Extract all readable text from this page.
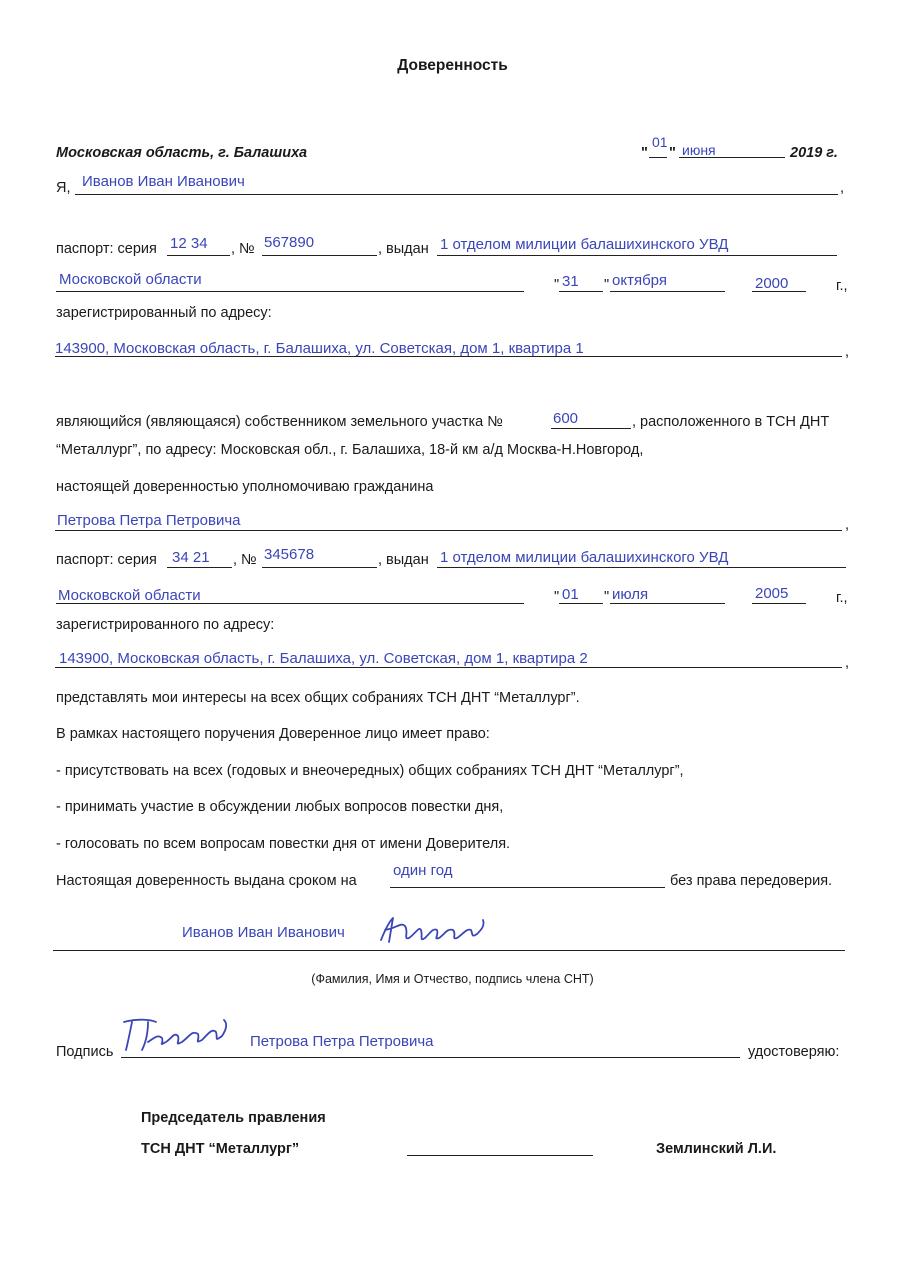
Доверенность
Московская область, г. Балашиха	"
01
" июня	2019 г.
Я, Иванов Иван Иванович	,
паспорт: серия 12 34 , № 567890	, выдан 1 отделом милиции балашихинского УВД
Московской области	" 31 " октября	2000	г.,
зарегистрированный по адресу:
143900, Московская область, г. Балашиха, ул. Советская, дом 1, квартира 1	,
являющийся (являющаяся) собственником земельного участка №	600	, расположенного в ТСН ДНТ
“Металлург”, по адресу: Московская обл., г. Балашиха, 18-й км а/д Москва-Н.Новгород,
настоящей доверенностью уполномочиваю гражданина
Петрова Петра Петровича	,
паспорт: серия 34 21 , № 345678	, выдан 1 отделом милиции балашихинского УВД
Московской области	" 01 " июля	2005	г.,
зарегистрированного по адресу:
143900, Московская область, г. Балашиха, ул. Советская, дом 1, квартира 2	,
представлять мои интересы на всех общих собраниях ТСН ДНТ “Металлург”.
В рамках настоящего поручения Доверенное лицо имеет право:
- присутствовать на всех (годовых и внеочередных) общих собраниях ТСН ДНТ “Металлург”,
- принимать участие в обсуждении любых вопросов повестки дня,
- голосовать по всем вопросам повестки дня от имени Доверителя.
Настоящая доверенность выдана сроком на
один год
без права передоверия.
Иванов Иван Иванович
(Фамилия, Имя и Отчество, подпись члена СНТ)
Подпись
Петрова Петра Петровича
удостоверяю:
Председатель правления
ТСН ДНТ “Металлург”	Землинский Л.И.
